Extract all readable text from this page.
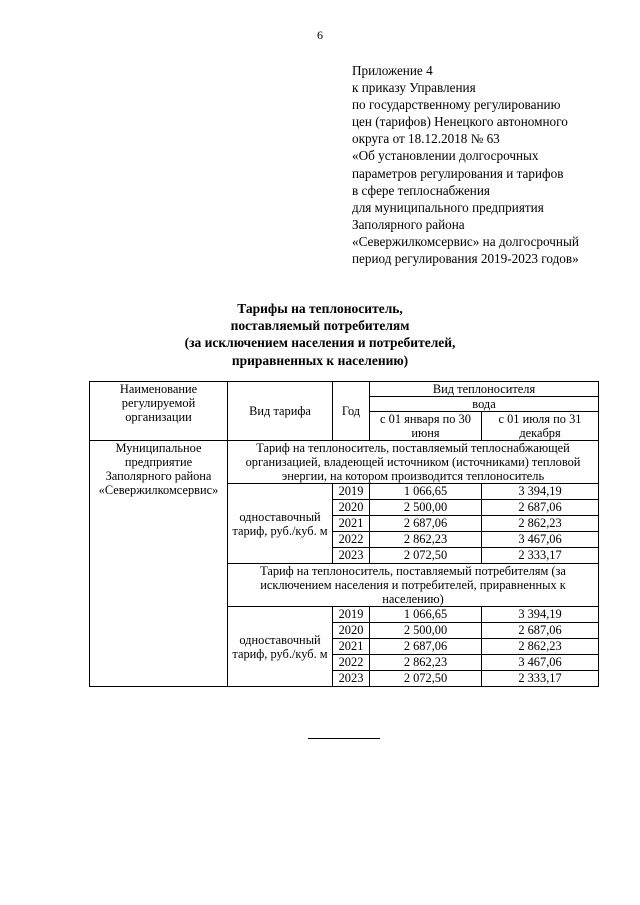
6
Приложение 4
к приказу Управления
по государственному регулированию
цен (тарифов) Ненецкого автономного
округа от 18.12.2018 № 63
«Об установлении долгосрочных
параметров регулирования и тарифов
в сфере теплоснабжения
для муниципального предприятия
Заполярного района
«Севержилкомсервис» на долгосрочный
период регулирования 2019-2023 годов»
Тарифы на теплоноситель,
поставляемый потребителям
(за исключением населения и потребителей,
приравненных к населению)
Наименование регулируемой организации	Вид тарифа	Год	Вид теплоносителя	
			вода	
			с 01 января по 30 июня	с 01 июля по 31 декабря
Муниципальное предприятие Заполярного района «Севержилкомсервис»	Тариф на теплоноситель, поставляемый теплоснабжающей организацией, владеющей источником (источниками) тепловой энергии, на котором производится теплоноситель			
	одноставочный тариф, руб./куб. м	2019	1 066,65	3 394,19
		2020	2 500,00	2 687,06
		2021	2 687,06	2 862,23
		2022	2 862,23	3 467,06
		2023	2 072,50	2 333,17
	Тариф на теплоноситель, поставляемый потребителям (за исключением населения и потребителей, приравненных к населению)			
	одноставочный тариф, руб./куб. м	2019	1 066,65	3 394,19
		2020	2 500,00	2 687,06
		2021	2 687,06	2 862,23
		2022	2 862,23	3 467,06
		2023	2 072,50	2 333,17
